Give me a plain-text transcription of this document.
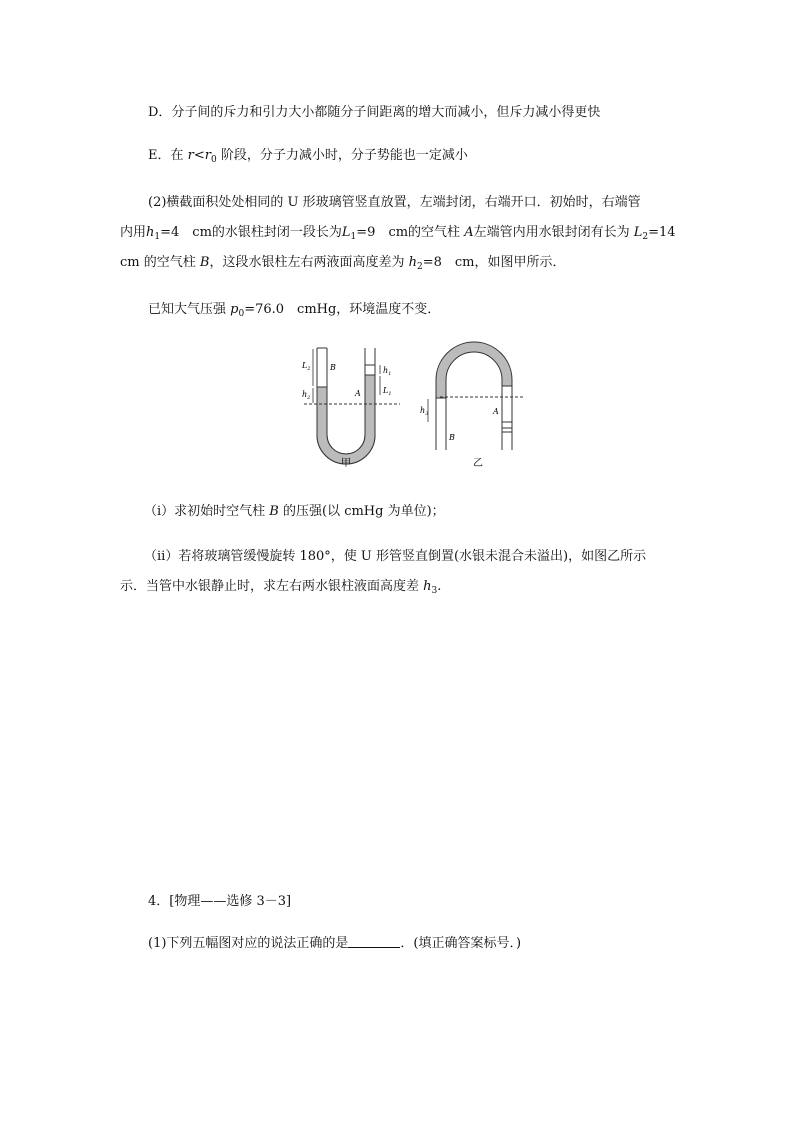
D．分子间的斥力和引力大小都随分子间距离的增大而减小，但斥力减小得更快
E．在 $r<r_0$ 阶段，分子力减小时，分子势能也一定减小
(2)横截面积处处相同的 U 形玻璃管竖直放置，左端封闭，右端开口．初始时，右端管
内用$h_1=4$　cm的水银柱封闭一段长为$L_1=9$　cm的空气柱 A左端管内用水银封闭有长为 $L_2=14$
cm 的空气柱 B，这段水银柱左右两液面高度差为 $h_2=8$　cm，如图甲所示．
已知大气压强 $p_0=76.0$　cmHg，环境温度不变．
$L_2$ B
$h_2$
$h_1$
A	$L_1$
甲
$h_3$	A
B
乙
（ⅰ）求初始时空气柱 B 的压强(以 cmHg 为单位)；
（ⅱ）若将玻璃管缓慢旋转 180°，使 U 形管竖直倒置(水银未混合未溢出)，如图乙所示
示．当管中水银静止时，求左右两水银柱液面高度差 $h_3$.
4．[物理——选修 3－3]
(1)下列五幅图对应的说法正确的是	．(填正确答案标号．)
